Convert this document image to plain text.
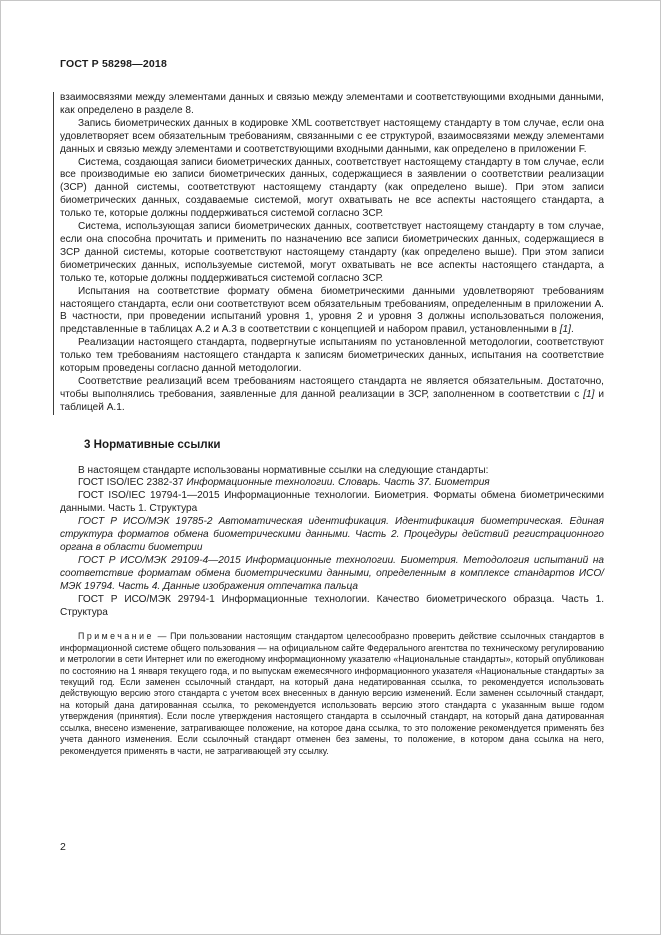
ГОСТ Р 58298—2018

взаимосвязями между элементами данных и связью между элементами и соответствующими входными данными, как определено в разделе 8.

Запись биометрических данных в кодировке XML соответствует настоящему стандарту в том случае, если она удовлетворяет всем обязательным требованиям, связанными с ее структурой, взаимосвязями между элементами данных и связью между элементами и соответствующими входными данными, как определено в приложении F.

Система, создающая записи биометрических данных, соответствует настоящему стандарту в том случае, если все производимые ею записи биометрических данных, содержащиеся в заявлении о соответствии реализации (ЗСР) данной системы, соответствуют настоящему стандарту (как определено выше). При этом записи биометрических данных, создаваемые системой, могут охватывать не все аспекты настоящего стандарта, а только те, которые должны поддерживаться системой согласно ЗСР.

Система, использующая записи биометрических данных, соответствует настоящему стандарту в том случае, если она способна прочитать и применить по назначению все записи биометрических данных, содержащиеся в ЗСР данной системы, которые соответствуют настоящему стандарту (как определено выше). При этом записи биометрических данных, используемые системой, могут охватывать не все аспекты настоящего стандарта, а только те, которые должны поддерживаться системой согласно ЗСР.

Испытания на соответствие формату обмена биометрическими данными удовлетворяют требованиям настоящего стандарта, если они соответствуют всем обязательным требованиям, определенным в приложении А. В частности, при проведении испытаний уровня 1, уровня 2 и уровня 3 должны использоваться положения, представленные в таблицах А.2 и А.3 в соответствии с концепцией и набором правил, установленными в [1].

Реализации настоящего стандарта, подвергнутые испытаниям по установленной методологии, соответствуют только тем требованиям настоящего стандарта к записям биометрических данных, испытания на соответствие которым проведены согласно данной методологии.

Соответствие реализаций всем требованиям настоящего стандарта не является обязательным. Достаточно, чтобы выполнялись требования, заявленные для данной реализации в ЗСР, заполненном в соответствии с [1] и таблицей А.1.

3 Нормативные ссылки

В настоящем стандарте использованы нормативные ссылки на следующие стандарты:

ГОСТ ISO/IEC 2382-37 Информационные технологии. Словарь. Часть 37. Биометрия

ГОСТ ISO/IEC 19794-1—2015 Информационные технологии. Биометрия. Форматы обмена биометрическими данными. Часть 1. Структура

ГОСТ Р ИСО/МЭК 19785-2 Автоматическая идентификация. Идентификация биометрическая. Единая структура форматов обмена биометрическими данными. Часть 2. Процедуры действий регистрационного органа в области биометрии

ГОСТ Р ИСО/МЭК 29109-4—2015 Информационные технологии. Биометрия. Методология испытаний на соответствие форматам обмена биометрическими данными, определенным в комплексе стандартов ИСО/МЭК 19794. Часть 4. Данные изображения отпечатка пальца

ГОСТ Р ИСО/МЭК 29794-1 Информационные технологии. Качество биометрического образца. Часть 1. Структура

Примечание — При пользовании настоящим стандартом целесообразно проверить действие ссылочных стандартов в информационной системе общего пользования — на официальном сайте Федерального агентства по техническому регулированию и метрологии в сети Интернет или по ежегодному информационному указателю «Национальные стандарты», который опубликован по состоянию на 1 января текущего года, и по выпускам ежемесячного информационного указателя «Национальные стандарты» за текущий год. Если заменен ссылочный стандарт, на который дана недатированная ссылка, то рекомендуется использовать действующую версию этого стандарта с учетом всех внесенных в данную версию изменений. Если заменен ссылочный стандарт, на который дана датированная ссылка, то рекомендуется использовать версию этого стандарта с указанным выше годом утверждения (принятия). Если после утверждения настоящего стандарта в ссылочный стандарт, на который дана датированная ссылка, внесено изменение, затрагивающее положение, на которое дана ссылка, то это положение рекомендуется применять без учета данного изменения. Если ссылочный стандарт отменен без замены, то положение, в котором дана ссылка на него, рекомендуется применять в части, не затрагивающей эту ссылку.

2
